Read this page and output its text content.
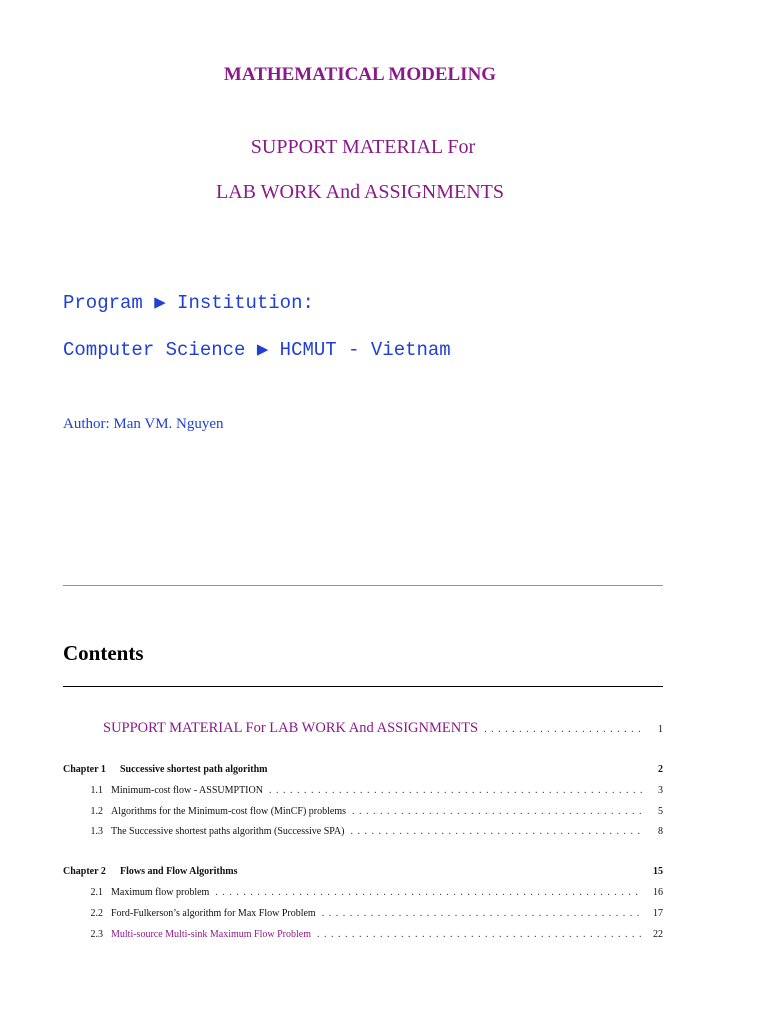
MATHEMATICAL MODELING
SUPPORT MATERIAL For
LAB WORK And ASSIGNMENTS
Program ▶ Institution:
Computer Science ▶ HCMUT - Vietnam
Author: Man VM. Nguyen
Contents
SUPPORT MATERIAL For LAB WORK And ASSIGNMENTS . . .	1
Chapter 1	Successive shortest path algorithm	2
1.1 Minimum-cost flow - ASSUMPTION . . .	3
1.2 Algorithms for the Minimum-cost flow (MinCF) problems . . .	5
1.3 The Successive shortest paths algorithm (Successive SPA) . . .	8
Chapter 2	Flows and Flow Algorithms	15
2.1 Maximum flow problem . . .	16
2.2 Ford-Fulkerson’s algorithm for Max Flow Problem . . .	17
2.3 Multi-source Multi-sink Maximum Flow Problem . . .	22
